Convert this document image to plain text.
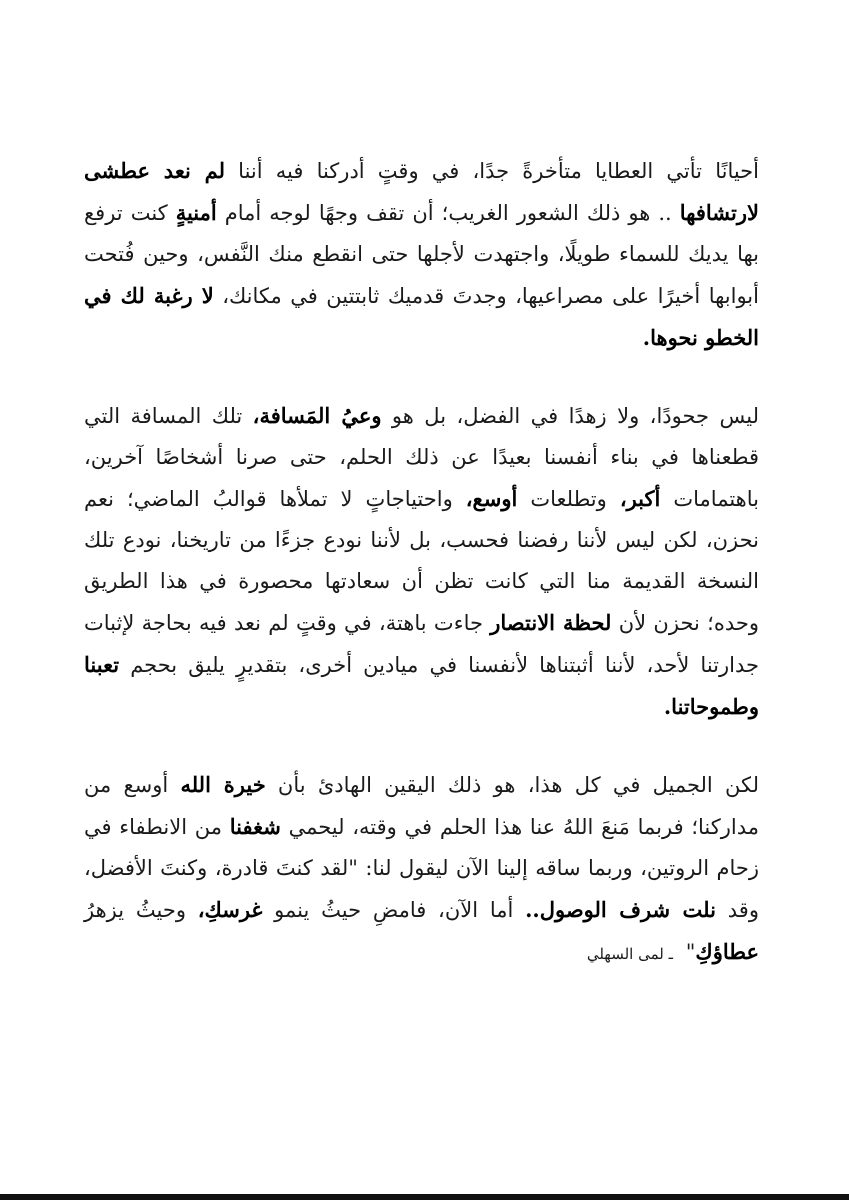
أحيانًا تأتي العطايا متأخرةً جدًا، في وقتٍ أدركنا فيه أننا لم نعد عطشى لارتشافها .. هو ذلك الشعور الغريب؛ أن تقف وجهًا لوجه أمام أمنيةٍ كنت ترفع بها يديك للسماء طويلًا، واجتهدت لأجلها حتى انقطع منك النَّفس، وحين فُتحت أبوابها أخيرًا على مصراعيها، وجدتَ قدميك ثابتتين في مكانك، لا رغبة لك في الخطو نحوها.

ليس جحودًا، ولا زهدًا في الفضل، بل هو وعيُ المَسافة، تلك المسافة التي قطعناها في بناء أنفسنا بعيدًا عن ذلك الحلم، حتى صرنا أشخاصًا آخرين، باهتمامات أكبر، وتطلعات أوسع، واحتياجاتٍ لا تملأها قوالبُ الماضي؛ نعم نحزن، لكن ليس لأننا رفضنا فحسب، بل لأننا نودع جزءًا من تاريخنا، نودع تلك النسخة القديمة منا التي كانت تظن أن سعادتها محصورة في هذا الطريق وحده؛ نحزن لأن لحظة الانتصار جاءت باهتة، في وقتٍ لم نعد فيه بحاجة لإثبات جدارتنا لأحد، لأننا أثبتناها لأنفسنا في ميادين أخرى، بتقديرٍ يليق بحجم تعبنا وطموحاتنا.

لكن الجميل في كل هذا، هو ذلك اليقين الهادئ بأن خيرة الله أوسع من مداركنا؛ فربما مَنعَ اللهُ عنا هذا الحلم في وقته، ليحمي شغفنا من الانطفاء في زحام الروتين، وربما ساقه إلينا الآن ليقول لنا: "لقد كنتَ قادرة، وكنتَ الأفضل، وقد نلت شرف الوصول.. أما الآن، فامضِ حيثُ ينمو غرسكِ، وحيثُ يزهرُ عطاؤكِ" ـ لمى السهلي
